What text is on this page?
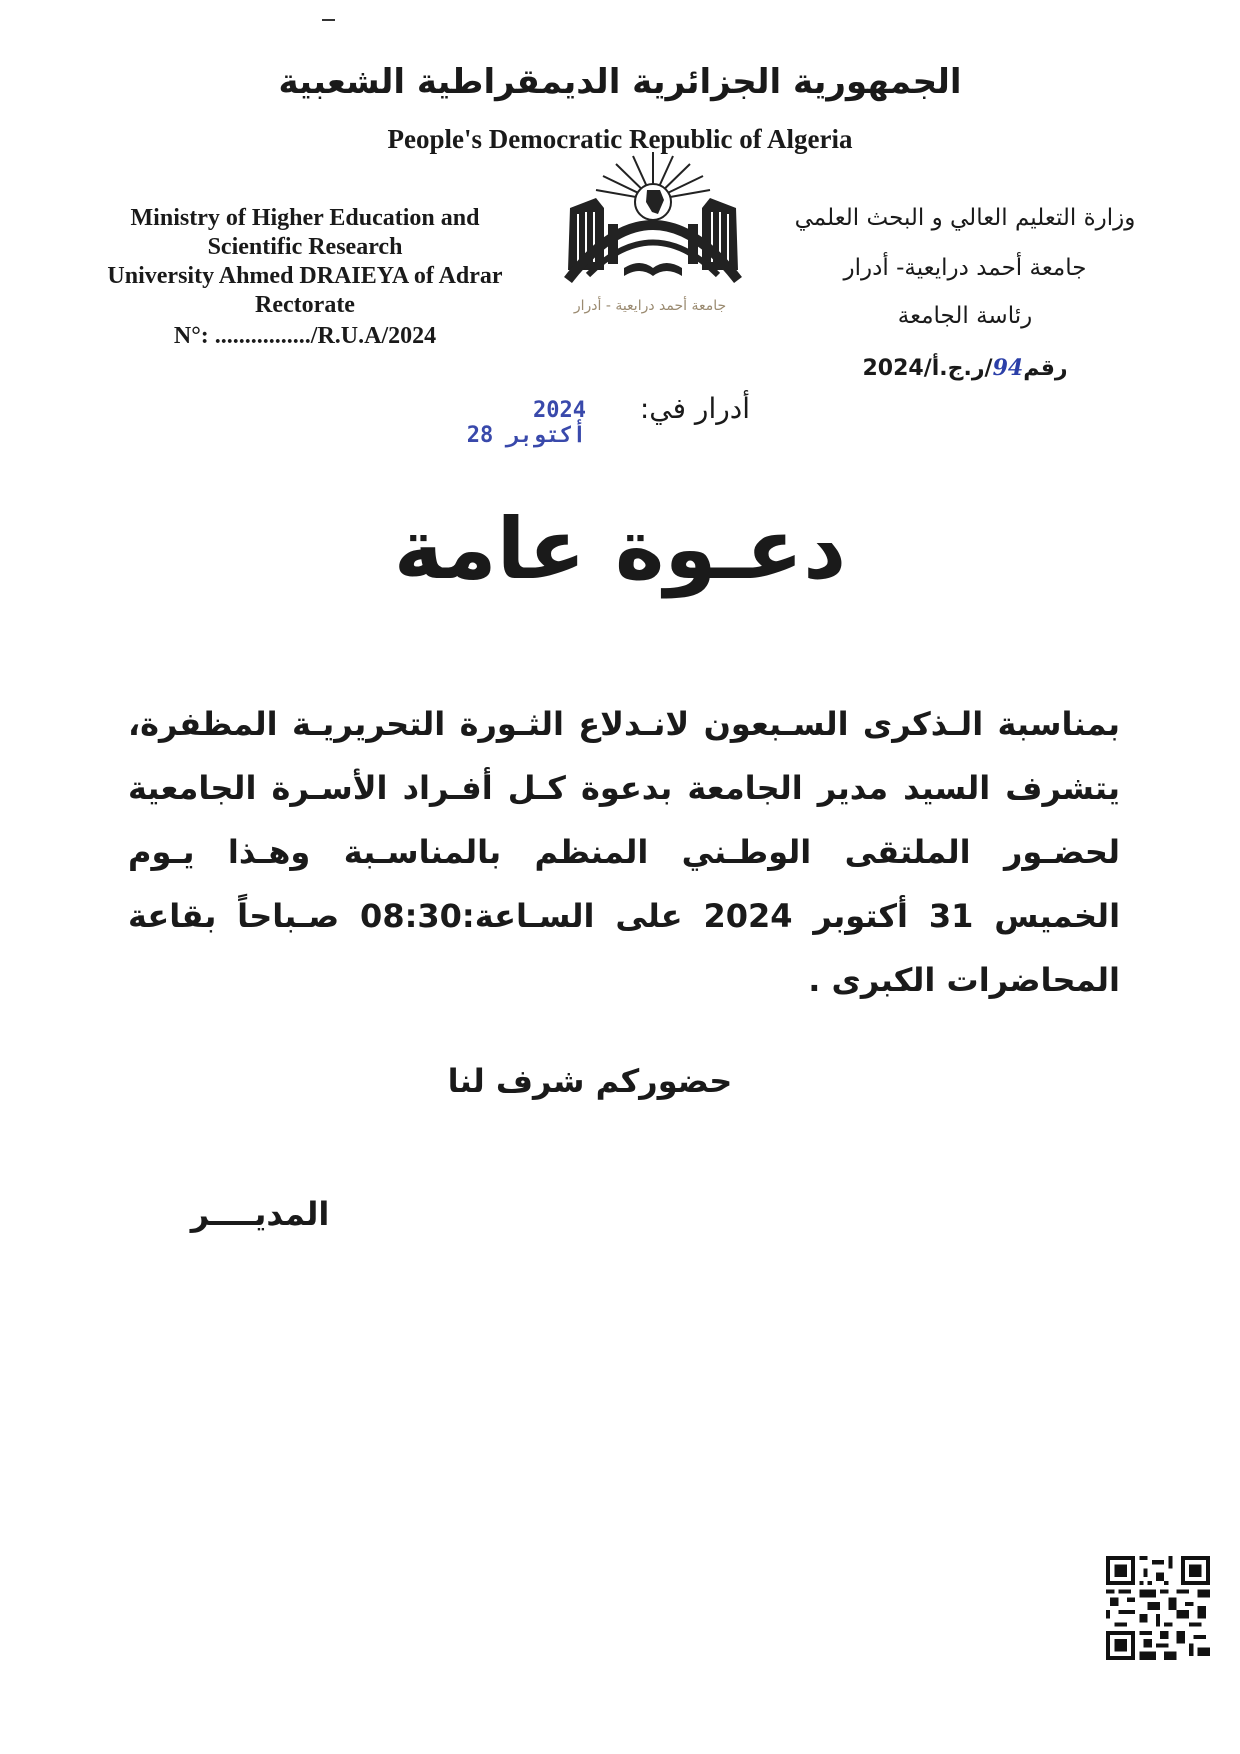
الجمهورية الجزائرية الديمقراطية الشعبية
People's Democratic Republic of Algeria
Ministry of Higher Education and
Scientific Research
University Ahmed DRAIEYA of Adrar
Rectorate
N°: ................/R.U.A/2024
وزارة التعليم العالي و البحث العلمي
جامعة أحمد درايعية- أدرار
رئاسة الجامعة
رقم94/ر.ج.أ/2024
جامعة أحمد درايعية - أدرار
أدرار في:
2024 أكتوبر 28
دعـوة عامة
بمناسبة الـذكرى السـبعون لانـدلاع الثـورة التحريريـة المظفرة، يتشرف السيد مدير الجامعة بدعوة كـل أفـراد الأسـرة الجامعية لحضـور الملتقى الوطـني المنظم بالمناسـبة وهـذا يـوم الخميس 31 أكتوبر 2024 على السـاعة:08:30 صـباحاً بقاعة المحاضرات الكبرى .
حضوركم شرف لنا
المديــــر
